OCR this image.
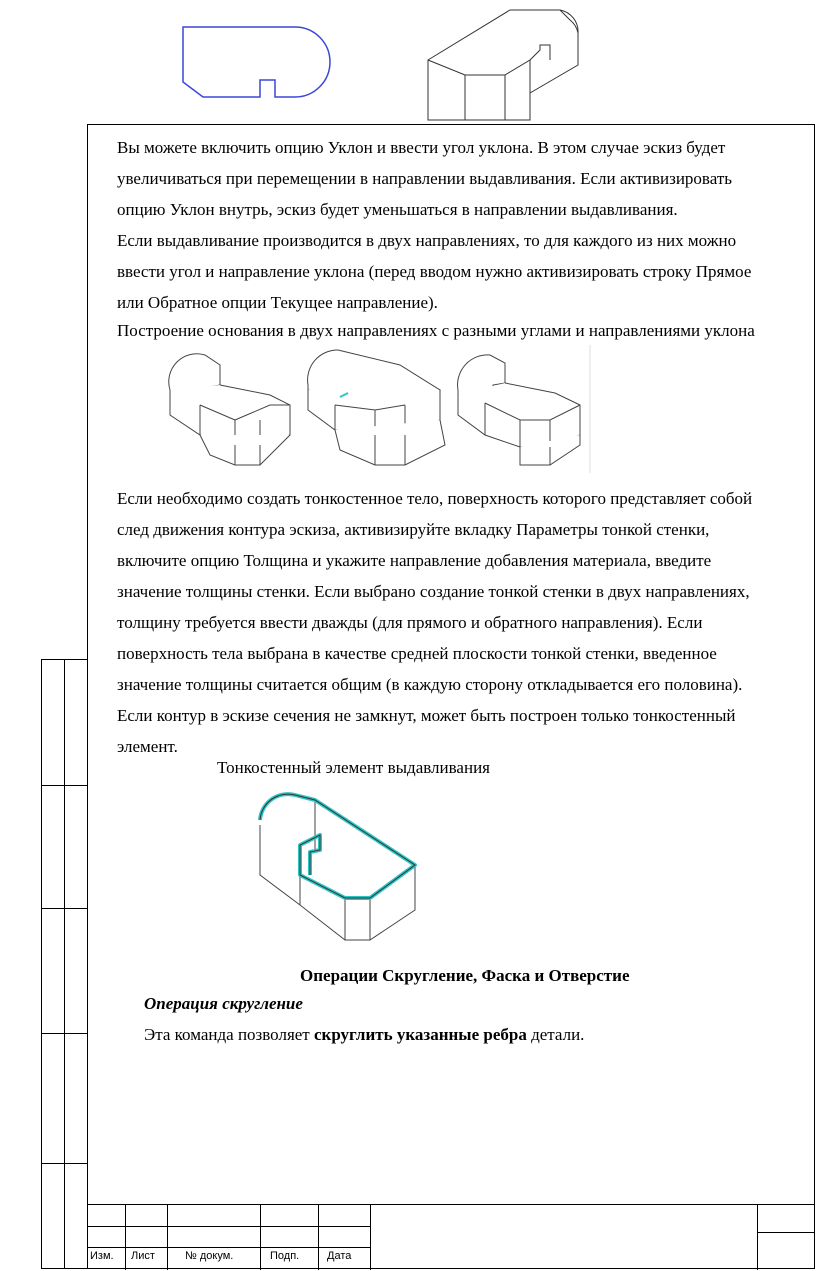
Вы можете включить опцию Уклон и ввести угол уклона. В этом случае эскиз будет
увеличиваться при перемещении в направлении выдавливания. Если активизировать
опцию Уклон внутрь, эскиз будет уменьшаться в направлении выдавливания.

Если выдавливание производится в двух направлениях, то для каждого из них можно
ввести угол и направление уклона (перед вводом нужно активизировать строку Прямое
или Обратное опции Текущее направление).

Построение основания в двух направлениях с разными углами и направлениями уклона

Если необходимо создать тонкостенное тело, поверхность которого представляет собой
след движения контура эскиза, активизируйте вкладку Параметры тонкой стенки,
включите опцию Толщина и укажите направление добавления материала, введите
значение толщины стенки. Если выбрано создание тонкой стенки в двух направлениях,
толщину требуется ввести дважды (для прямого и обратного направления). Если
поверхность тела выбрана в качестве средней плоскости тонкой стенки, введенное
значение толщины считается общим (в каждую сторону откладывается его половина).
Если контур в эскизе сечения не замкнут, может быть построен только тонкостенный
элемент.

Тонкостенный элемент выдавливания
Операции Скругление, Фаска и Отверстие
Операция скругление
Эта команда позволяет скруглить указанные ребра детали.
Изм. Лист	№ докум.	Подп.	Дата
